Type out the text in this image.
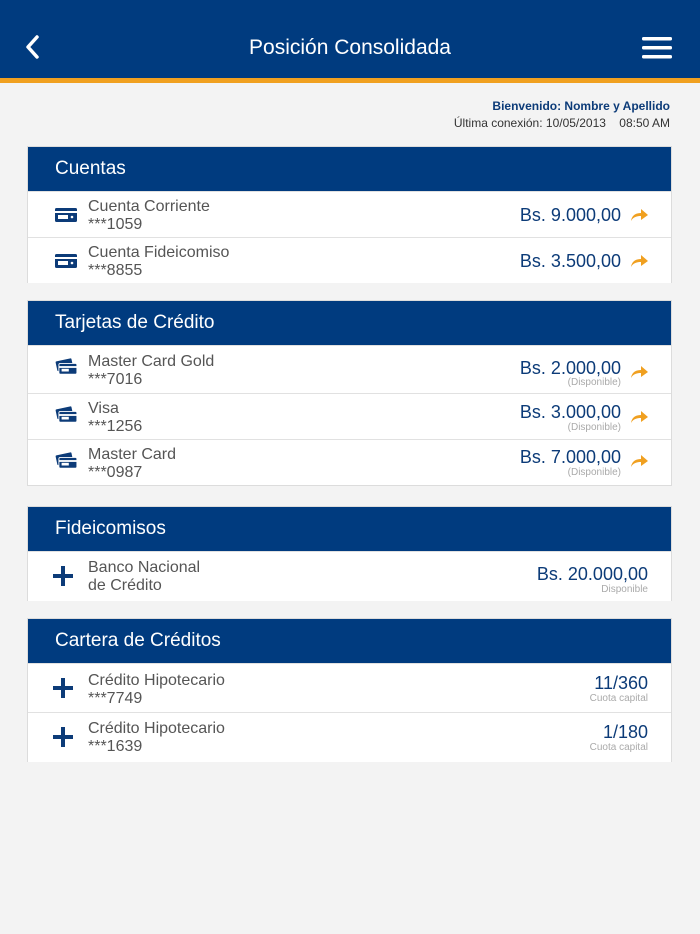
Posición Consolidada
Bienvenido: Nombre y Apellido
Última conexión: 10/05/2013    08:50 AM
Cuentas
Cuenta Corriente
***1059	Bs. 9.000,00
Cuenta Fideicomiso
***8855	Bs. 3.500,00
Tarjetas de Crédito
Master Card Gold
***7016
Bs. 2.000,00
(Disponible)
Visa
***1256
Bs. 3.000,00
(Disponible)
Master Card
***0987
Bs. 7.000,00
(Disponible)
Fideicomisos
Banco Nacional
de Crédito
Bs. 20.000,00
Disponible
Cartera de Créditos
Crédito Hipotecario
***7749
11/360
Cuota capital
Crédito Hipotecario
***1639
1/180
Cuota capital
